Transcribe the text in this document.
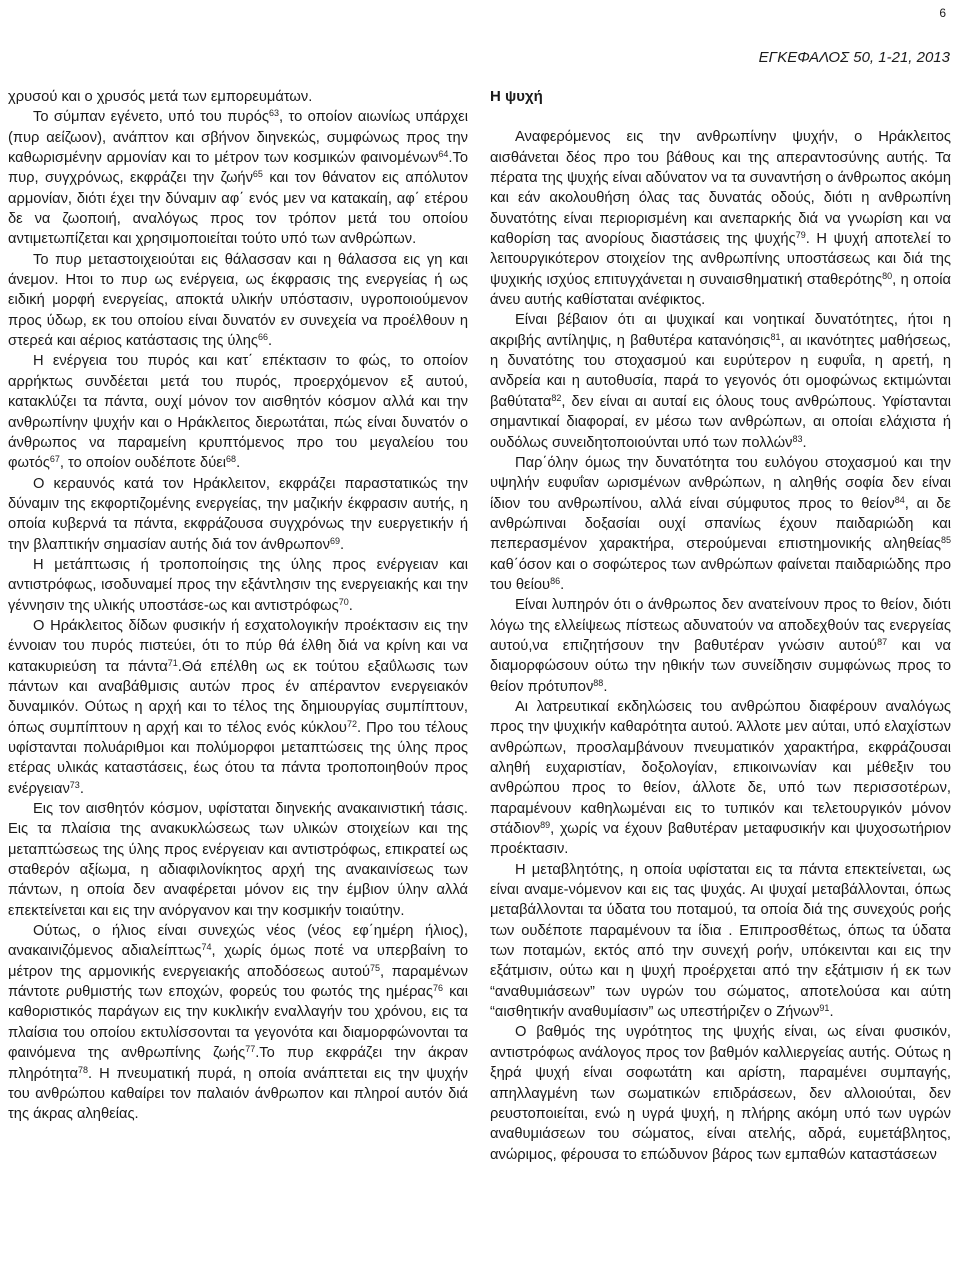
6
ΕΓΚΕΦΑΛΟΣ 50, 1-21, 2013

χρυσού και ο χρυσός μετά των εμπορευμάτων.

Το σύμπαν εγένετο, υπό του πυρός$^{63}$, το οποίον αιωνίως υπάρχει (πυρ αείζωον), ανάπτον και σβήνον διηνεκώς, συμφώνως προς την καθωρισμένην αρμονίαν και το μέτρον των κοσμικών φαινομένων$^{64}$.Το πυρ, συγχρόνως, εκφράζει την ζωήν$^{65}$ και τον θάνατον εις απόλυτον αρμονίαν, διότι έχει την δύναμιν αφ΄ ενός μεν να κατακαίη, αφ΄ ετέρου δε να ζωοποιή, αναλόγως προς τον τρόπον μετά του οποίου αντιμετωπίζεται και χρησιμοποιείται τούτο υπό των ανθρώπων.

Το πυρ μεταστοιχειούται εις θάλασσαν και η θάλασσα εις γη και άνεμον. Ητοι το πυρ ως ενέργεια, ως έκφρασις της ενεργείας ή ως ειδική μορφή ενεργείας, αποκτά υλικήν υπόστασιν, υγροποιούμενον προς ύδωρ, εκ του οποίου είναι δυνατόν εν συνεχεία να προέλθουν η στερεά και αέριος κατάστασις της ύλης$^{66}$.

Η ενέργεια του πυρός και κατ΄ επέκτασιν το φώς, το οποίον αρρήκτως συνδέεται μετά του πυρός, προερχόμενον εξ αυτού, κατακλύζει τα πάντα, ουχί μόνον τον αισθητόν κόσμον αλλά και την ανθρωπίνην ψυχήν και ο Ηράκλειτος διερωτάται, πώς είναι δυνατόν ο άνθρωπος να παραμείνη κρυπτόμενος προ του μεγαλείου του φωτός$^{67}$, το οποίον ουδέποτε δύει$^{68}$.

Ο κεραυνός κατά τον Ηράκλειτον, εκφράζει παραστατικώς την δύναμιν της εκφορτιζομένης ενεργείας, την μαζικήν έκφρασιν αυτής, η οποία κυβερνά τα πάντα, εκφράζουσα συγχρόνως την ευεργετικήν ή την βλαπτικήν σημασίαν αυτής διά τον άνθρωπον$^{69}$.

Η μετάπτωσις ή τροποποίησις της ύλης προς ενέργειαν και αντιστρόφως, ισοδυναμεί προς την εξάντλησιν της ενεργειακής και την γέννησιν της υλικής υποστάσε-ως και αντιστρόφως$^{70}$.

Ο Ηράκλειτος δίδων φυσικήν ή εσχατολογικήν προέκτασιν εις την έννοιαν του πυρός πιστεύει, ότι το πύρ θά έλθη διά να κρίνη και να κατακυριεύση τα πάντα$^{71}$.Θά επέλθη ως εκ τούτου εξαΰλωσις των πάντων και αναβάθμισις αυτών προς έν απέραντον ενεργειακόν δυναμικόν. Ούτως η αρχή και το τέλος της δημιουργίας συμπίπτουν, όπως συμπίπτουν η αρχή και το τέλος ενός κύκλου$^{72}$. Προ του τέλους υφίστανται πολυάριθμοι και πολύμορφοι μεταπτώσεις της ύλης προς ετέρας υλικάς καταστάσεις, έως ότου τα πάντα τροποποιηθούν προς ενέργειαν$^{73}$.

Εις τον αισθητόν κόσμον, υφίσταται διηνεκής ανακαινιστική τάσις. Εις τα πλαίσια της ανακυκλώσεως των υλικών στοιχείων και της μεταπτώσεως της ύλης προς ενέργειαν και αντιστρόφως, επικρατεί ως σταθερόν αξίωμα, η αδιαφιλονίκητος αρχή της ανακαινίσεως των πάντων, η οποία δεν αναφέρεται μόνον εις την έμβιον ύλην αλλά επεκτείνεται και εις την ανόργανον και την κοσμικήν τοιαύτην.

Ούτως, ο ήλιος είναι συνεχώς νέος (νέος εφ΄ημέρη ήλιος), ανακαινιζόμενος αδιαλείπτως$^{74}$, χωρίς όμως ποτέ να υπερβαίνη το μέτρον της αρμονικής ενεργειακής αποδόσεως αυτού$^{75}$, παραμένων πάντοτε ρυθμιστής των εποχών, φορεύς του φωτός της ημέρας$^{76}$ και καθοριστικός παράγων εις την κυκλικήν εναλλαγήν του χρόνου, εις τα πλαίσια του οποίου εκτυλίσσονται τα γεγονότα και διαμορφώνονται τα φαινόμενα της ανθρωπίνης ζωής$^{77}$.Το πυρ εκφράζει την άκραν πληρότητα$^{78}$. Η πνευματική πυρά, η οποία ανάπτεται εις την ψυχήν του ανθρώπου καθαίρει τον παλαιόν άνθρωπον και πληροί αυτόν διά της άκρας αληθείας.

Η ψυχή

Αναφερόμενος εις την ανθρωπίνην ψυχήν, ο Ηράκλειτος αισθάνεται δέος προ του βάθους και της απεραντοσύνης αυτής. Τα πέρατα της ψυχής είναι αδύνατον να τα συναντήση ο άνθρωπος ακόμη και εάν ακολουθήση όλας τας δυνατάς οδούς, διότι η ανθρωπίνη δυνατότης είναι περιορισμένη και ανεπαρκής διά να γνωρίση και να καθορίση τας ανορίους διαστάσεις της ψυχής$^{79}$. Η ψυχή αποτελεί το λειτουργικότερον στοιχείον της ανθρωπίνης υποστάσεως και διά της ψυχικής ισχύος επιτυγχάνεται η συναισθηματική σταθερότης$^{80}$, η οποία άνευ αυτής καθίσταται ανέφικτος.

Είναι βέβαιον ότι αι ψυχικαί και νοητικαί δυνατότητες, ήτοι η ακριβής αντίληψις, η βαθυτέρα κατανόησις$^{81}$, αι ικανότητες μαθήσεως, η δυνατότης του στοχασμού και ευρύτερον η ευφυΐα, η αρετή, η ανδρεία και η αυτοθυσία, παρά το γεγονός ότι ομοφώνως εκτιμώνται βαθύτατα$^{82}$, δεν είναι αι αυταί εις όλους τους ανθρώπους. Υφίστανται σημαντικαί διαφοραί, εν μέσω των ανθρώπων, αι οποίαι ελάχιστα ή ουδόλως συνειδητοποιούνται υπό των πολλών$^{83}$.

Παρ΄όλην όμως την δυνατότητα του ευλόγου στοχασμού και την υψηλήν ευφυΐαν ωρισμένων ανθρώπων, η αληθής σοφία δεν είναι ίδιον του ανθρωπίνου, αλλά είναι σύμφυτος προς το θείον$^{84}$, αι δε ανθρώπιναι δοξασίαι ουχί σπανίως έχουν παιδαριώδη και πεπερασμένον χαρακτήρα, στερούμεναι επιστημονικής αληθείας$^{85}$ καθ΄όσον και ο σοφώτερος των ανθρώπων φαίνεται παιδαριώδης προ του θείου$^{86}$.

Είναι λυπηρόν ότι ο άνθρωπος δεν ανατείνουν προς το θείον, διότι λόγω της ελλείψεως πίστεως αδυνατούν να αποδεχθούν τας ενεργείας αυτού,να επιζητήσουν την βαθυτέραν γνώσιν αυτού$^{87}$ και να διαμορφώσουν ούτω την ηθικήν των συνείδησιν συμφώνως προς το θείον πρότυπον$^{88}$.

Αι λατρευτικαί εκδηλώσεις του ανθρώπου διαφέρουν αναλόγως προς την ψυχικήν καθαρότητα αυτού. Άλλοτε μεν αύται, υπό ελαχίστων ανθρώπων, προσλαμβάνουν πνευματικόν χαρακτήρα, εκφράζουσαι αληθή ευχαριστίαν, δοξολογίαν, επικοινωνίαν και μέθεξιν του ανθρώπου προς το θείον, άλλοτε δε, υπό των περισσοτέρων, παραμένουν καθηλωμέναι εις το τυπικόν και τελετουργικόν μόνον στάδιον$^{89}$, χωρίς να έχουν βαθυτέραν μεταφυσικήν και ψυχοσωτήριον προέκτασιν.

Η μεταβλητότης, η οποία υφίσταται εις τα πάντα επεκτείνεται, ως είναι αναμε-νόμενον και εις τας ψυχάς. Αι ψυχαί μεταβάλλονται, όπως μεταβάλλονται τα ύδατα του ποταμού, τα οποία διά της συνεχούς ροής των ουδέποτε παραμένουν τα ίδια . Επιπροσθέτως, όπως τα ύδατα των ποταμών, εκτός από την συνεχή ροήν, υπόκεινται και εις την εξάτμισιν, ούτω και η ψυχή προέρχεται από την εξάτμισιν ή εκ των “αναθυμιάσεων” των υγρών του σώματος, αποτελούσα και αύτη “αισθητικήν αναθυμίασιν” ως υπεστήριζεν ο Ζήνων$^{91}$.

Ο βαθμός της υγρότητος της ψυχής είναι, ως είναι φυσικόν, αντιστρόφως ανάλογος προς τον βαθμόν καλλιεργείας αυτής. Ούτως η ξηρά ψυχή είναι σοφωτάτη και αρίστη, παραμένει συμπαγής, απηλλαγμένη των σωματικών επιδράσεων, δεν αλλοιούται, δεν ρευστοποιείται, ενώ η υγρά ψυχή, η πλήρης ακόμη υπό των υγρών αναθυμιάσεων του σώματος, είναι ατελής, αδρά, ευμετάβλητος, ανώριμος, φέρουσα το επώδυνον βάρος των εμπαθών καταστάσεων
